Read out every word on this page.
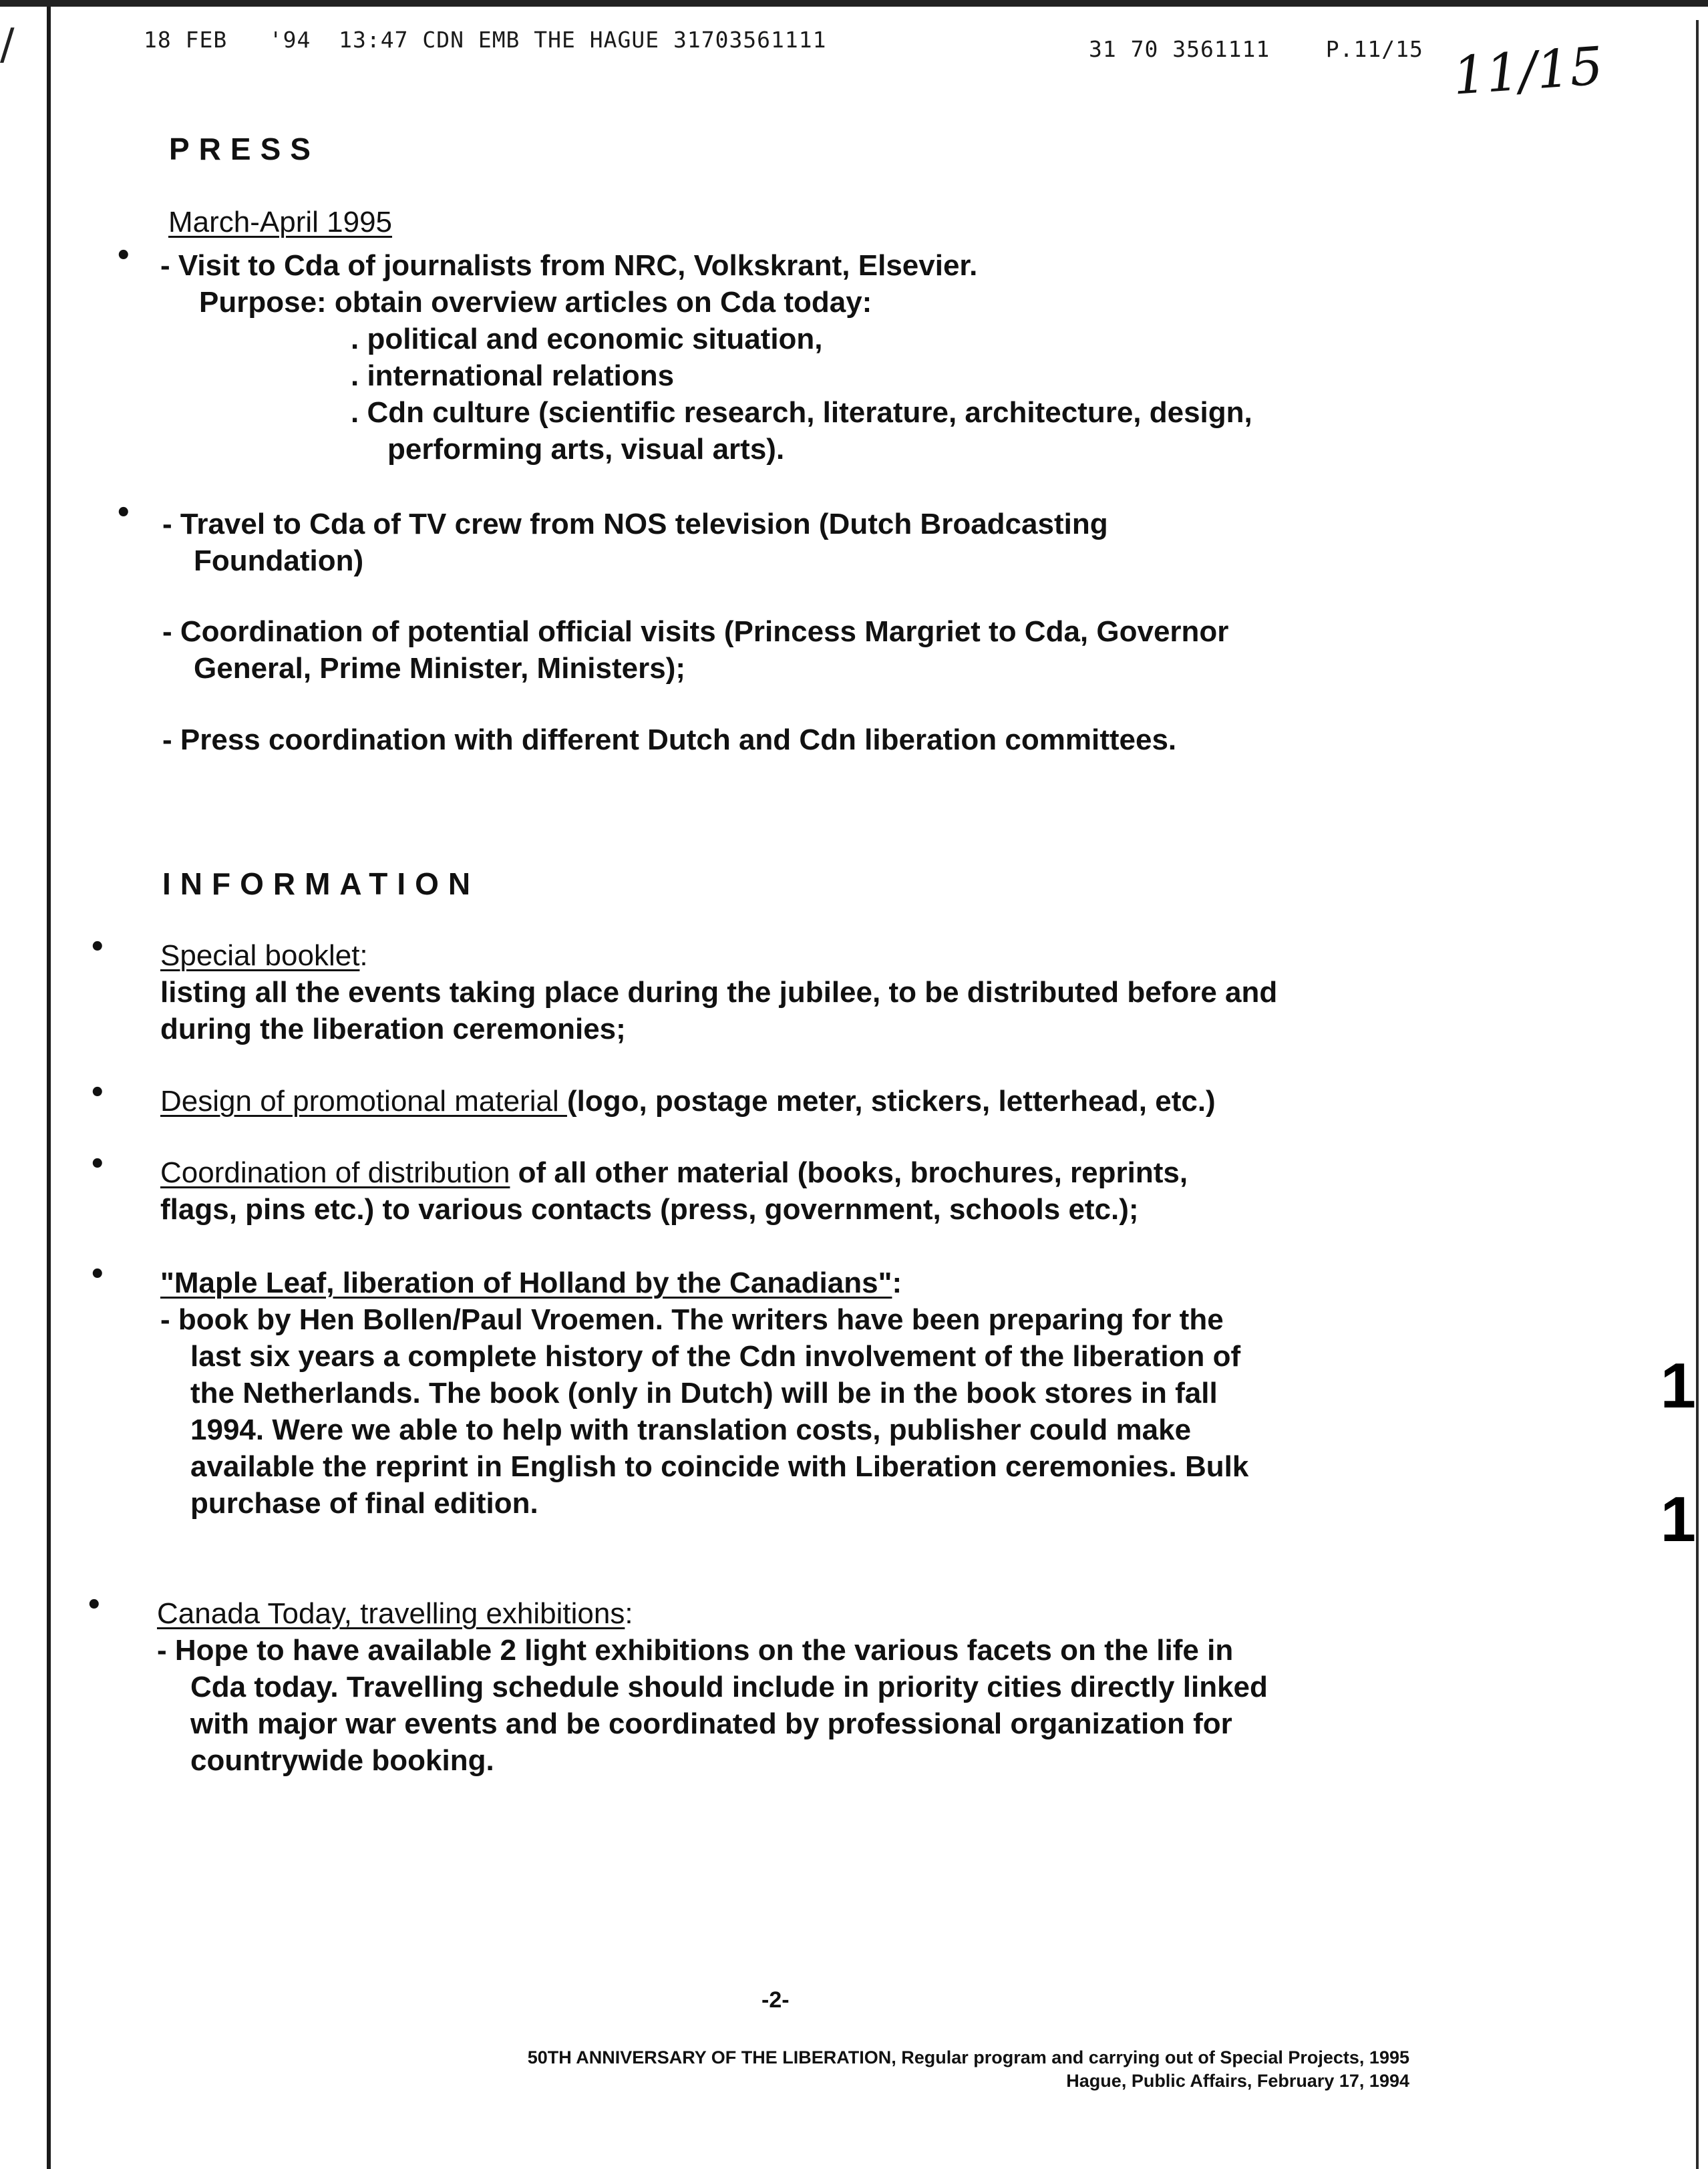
/
1
1
18 FEB   '94  13:47 CDN EMB THE HAGUE 31703561111	31 70 3561111	P.11/15 11/15
PRESS
March-April 1995
• - Visit to Cda of journalists from NRC, Volkskrant, Elsevier.
Purpose: obtain overview articles on Cda today:
. political and economic situation,
. international relations
. Cdn culture (scientific research, literature, architecture, design,
performing arts, visual arts).
• - Travel to Cda of TV crew from NOS television (Dutch Broadcasting
Foundation)
- Coordination of potential official visits (Princess Margriet to Cda, Governor
General, Prime Minister, Ministers);
- Press coordination with different Dutch and Cdn liberation committees.
INFORMATION
• Special booklet:
listing all the events taking place during the jubilee, to be distributed before and
during the liberation ceremonies;
• Design of promotional material (logo, postage meter, stickers, letterhead, etc.)
• Coordination of distribution of all other material (books, brochures, reprints,
flags, pins etc.) to various contacts (press, government, schools etc.);
• "Maple Leaf, liberation of Holland by the Canadians":
- book by Hen Bollen/Paul Vroemen. The writers have been preparing for the
last six years a complete history of the Cdn involvement of the liberation of
the Netherlands. The book (only in Dutch) will be in the book stores in fall
1994. Were we able to help with translation costs, publisher could make
available the reprint in English to coincide with Liberation ceremonies. Bulk
purchase of final edition.
• Canada Today, travelling exhibitions:
- Hope to have available 2 light exhibitions on the various facets on the life in
Cda today. Travelling schedule should include in priority cities directly linked
with major war events and be coordinated by professional organization for
countrywide booking.
-2-
50TH ANNIVERSARY OF THE LIBERATION, Regular program and carrying out of Special Projects, 1995
Hague, Public Affairs, February 17, 1994
